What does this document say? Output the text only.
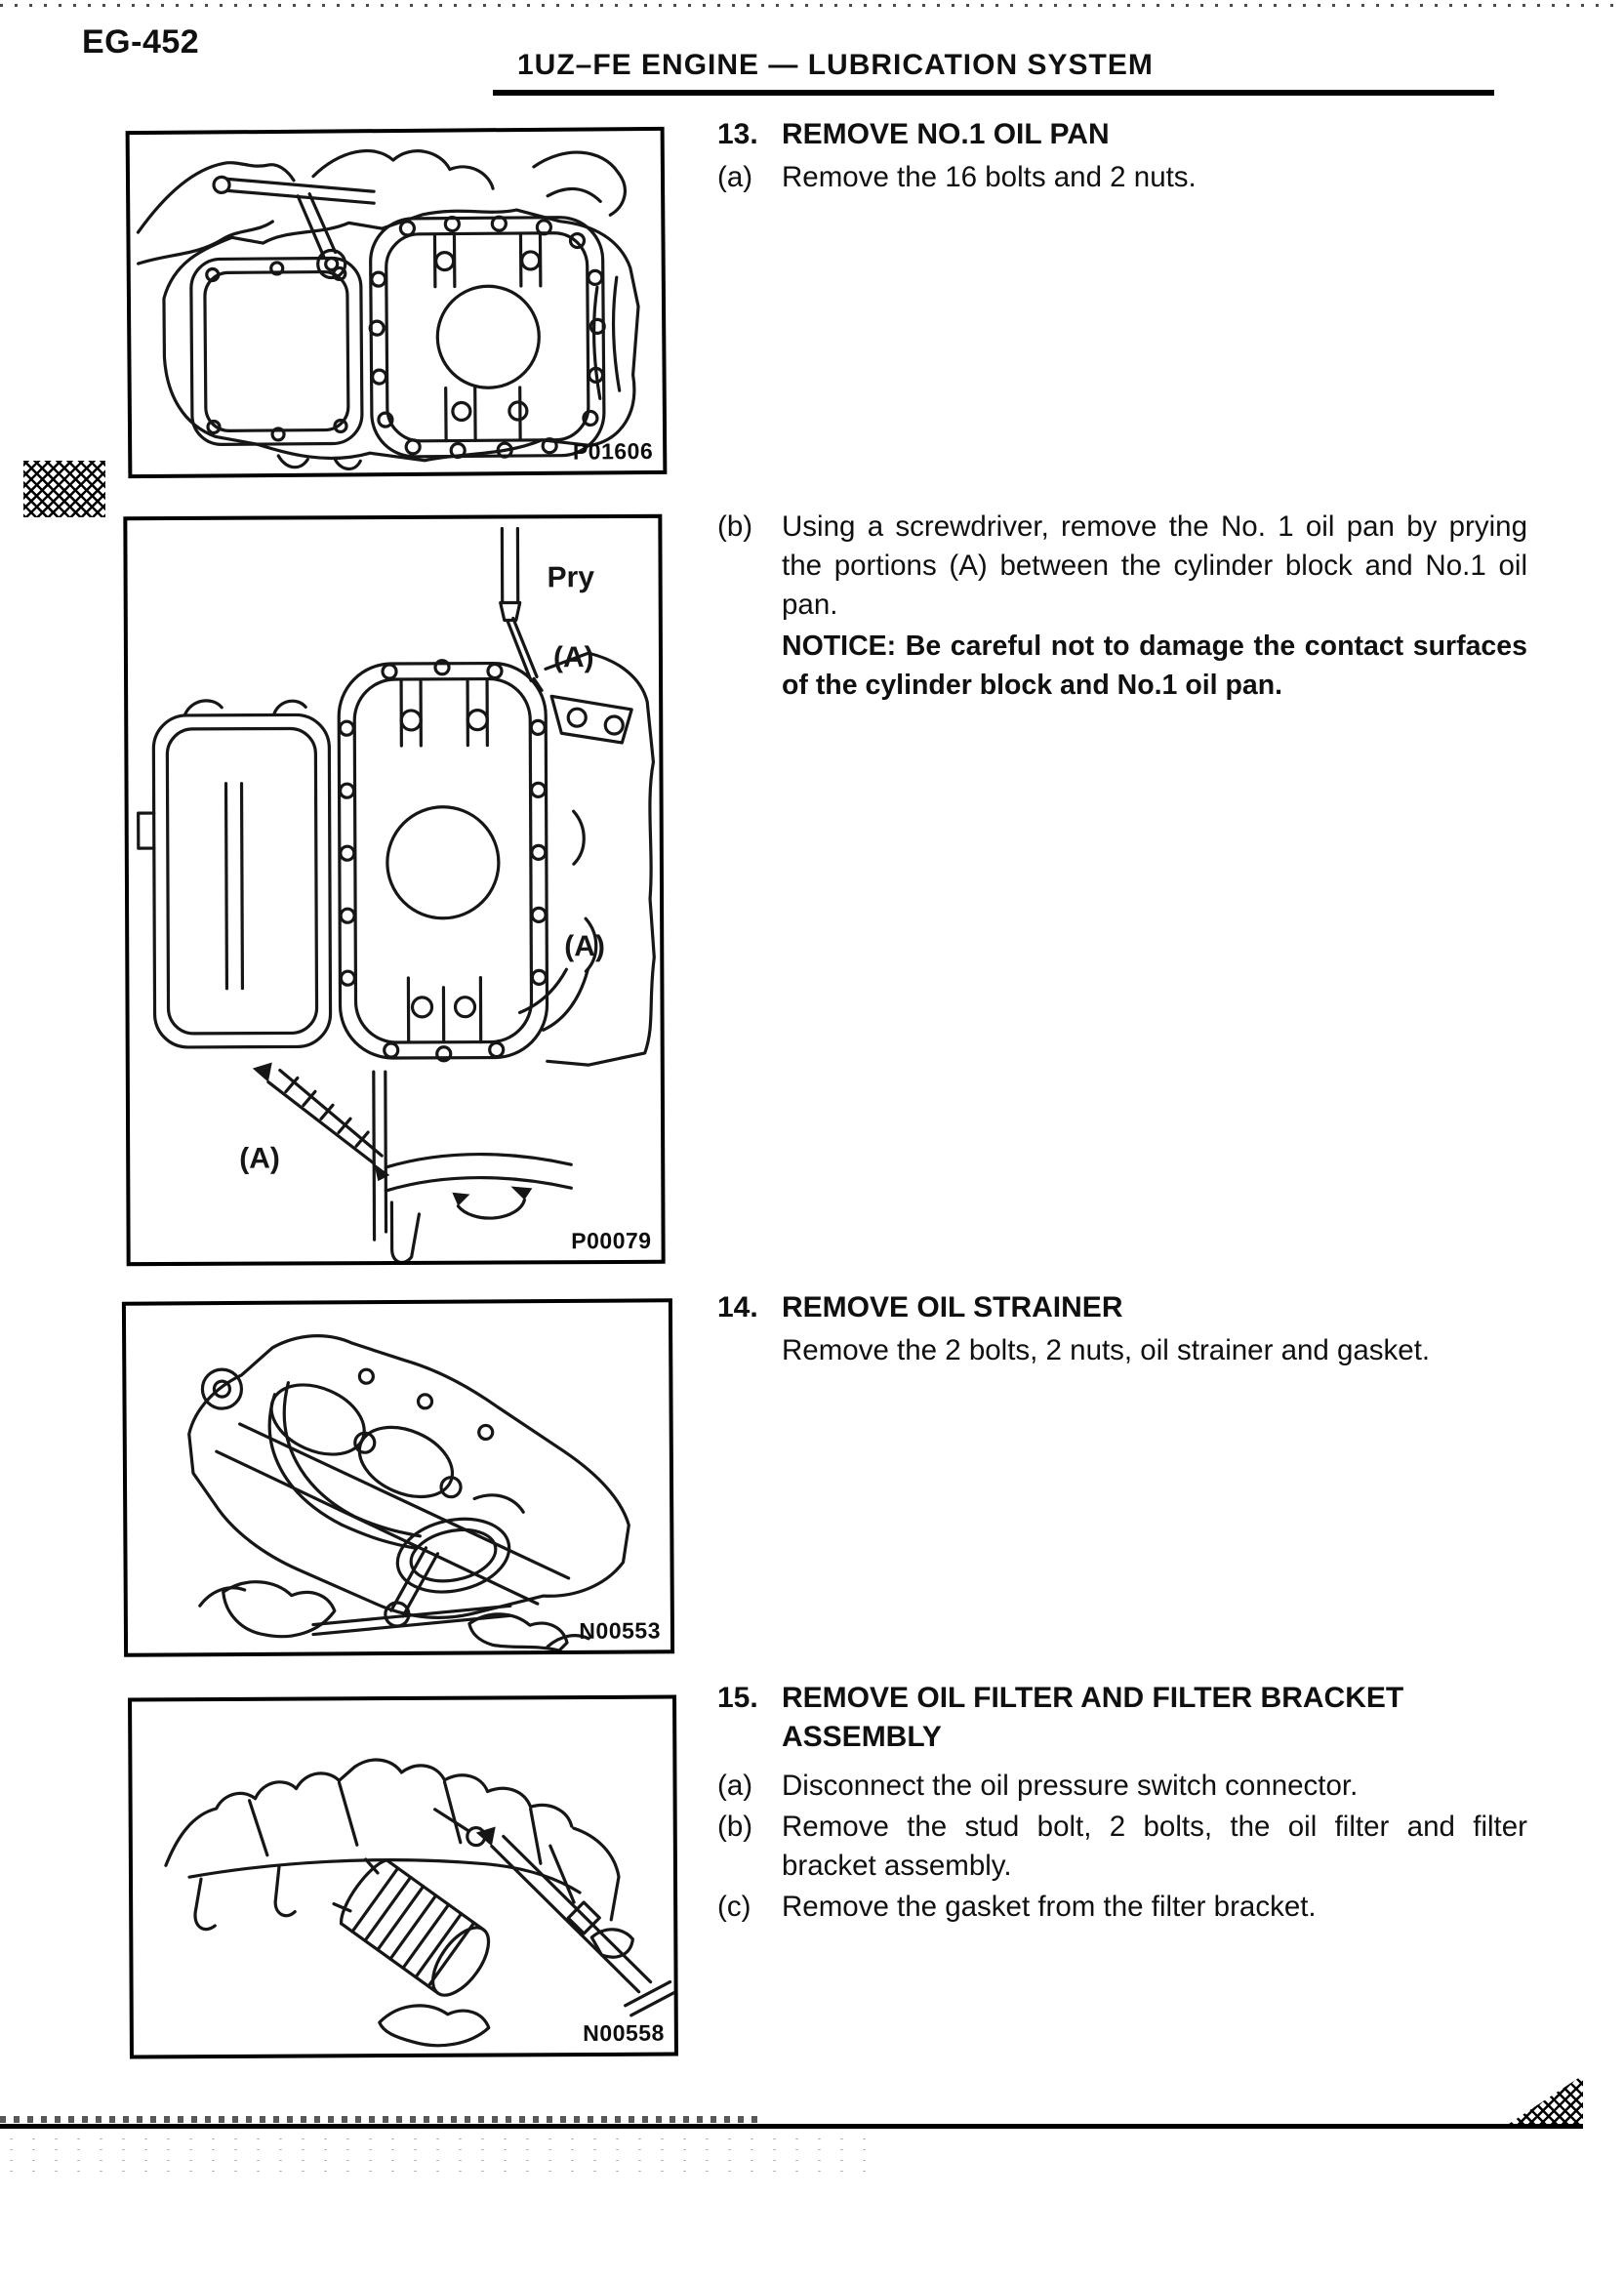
EG-452
1UZ–FE ENGINE — LUBRICATION SYSTEM
P01606
Pry
(A)
(A)
(A)
P00079
N00553
N00558
13. REMOVE NO.1 OIL PAN
(a)	Remove the 16 bolts and 2 nuts.
(b)	Using a screwdriver, remove the No. 1 oil pan by prying the portions (A) between the cylinder block and No.1 oil pan.
NOTICE: Be careful not to damage the contact surfaces of the cylinder block and No.1 oil pan.
14. REMOVE OIL STRAINER
Remove the 2 bolts, 2 nuts, oil strainer and gasket.
15. REMOVE OIL FILTER AND FILTER BRACKET ASSEMBLY
(a)	Disconnect the oil pressure switch connector.
(b)	Remove the stud bolt, 2 bolts, the oil filter and filter bracket assembly.
(c)	Remove the gasket from the filter bracket.
